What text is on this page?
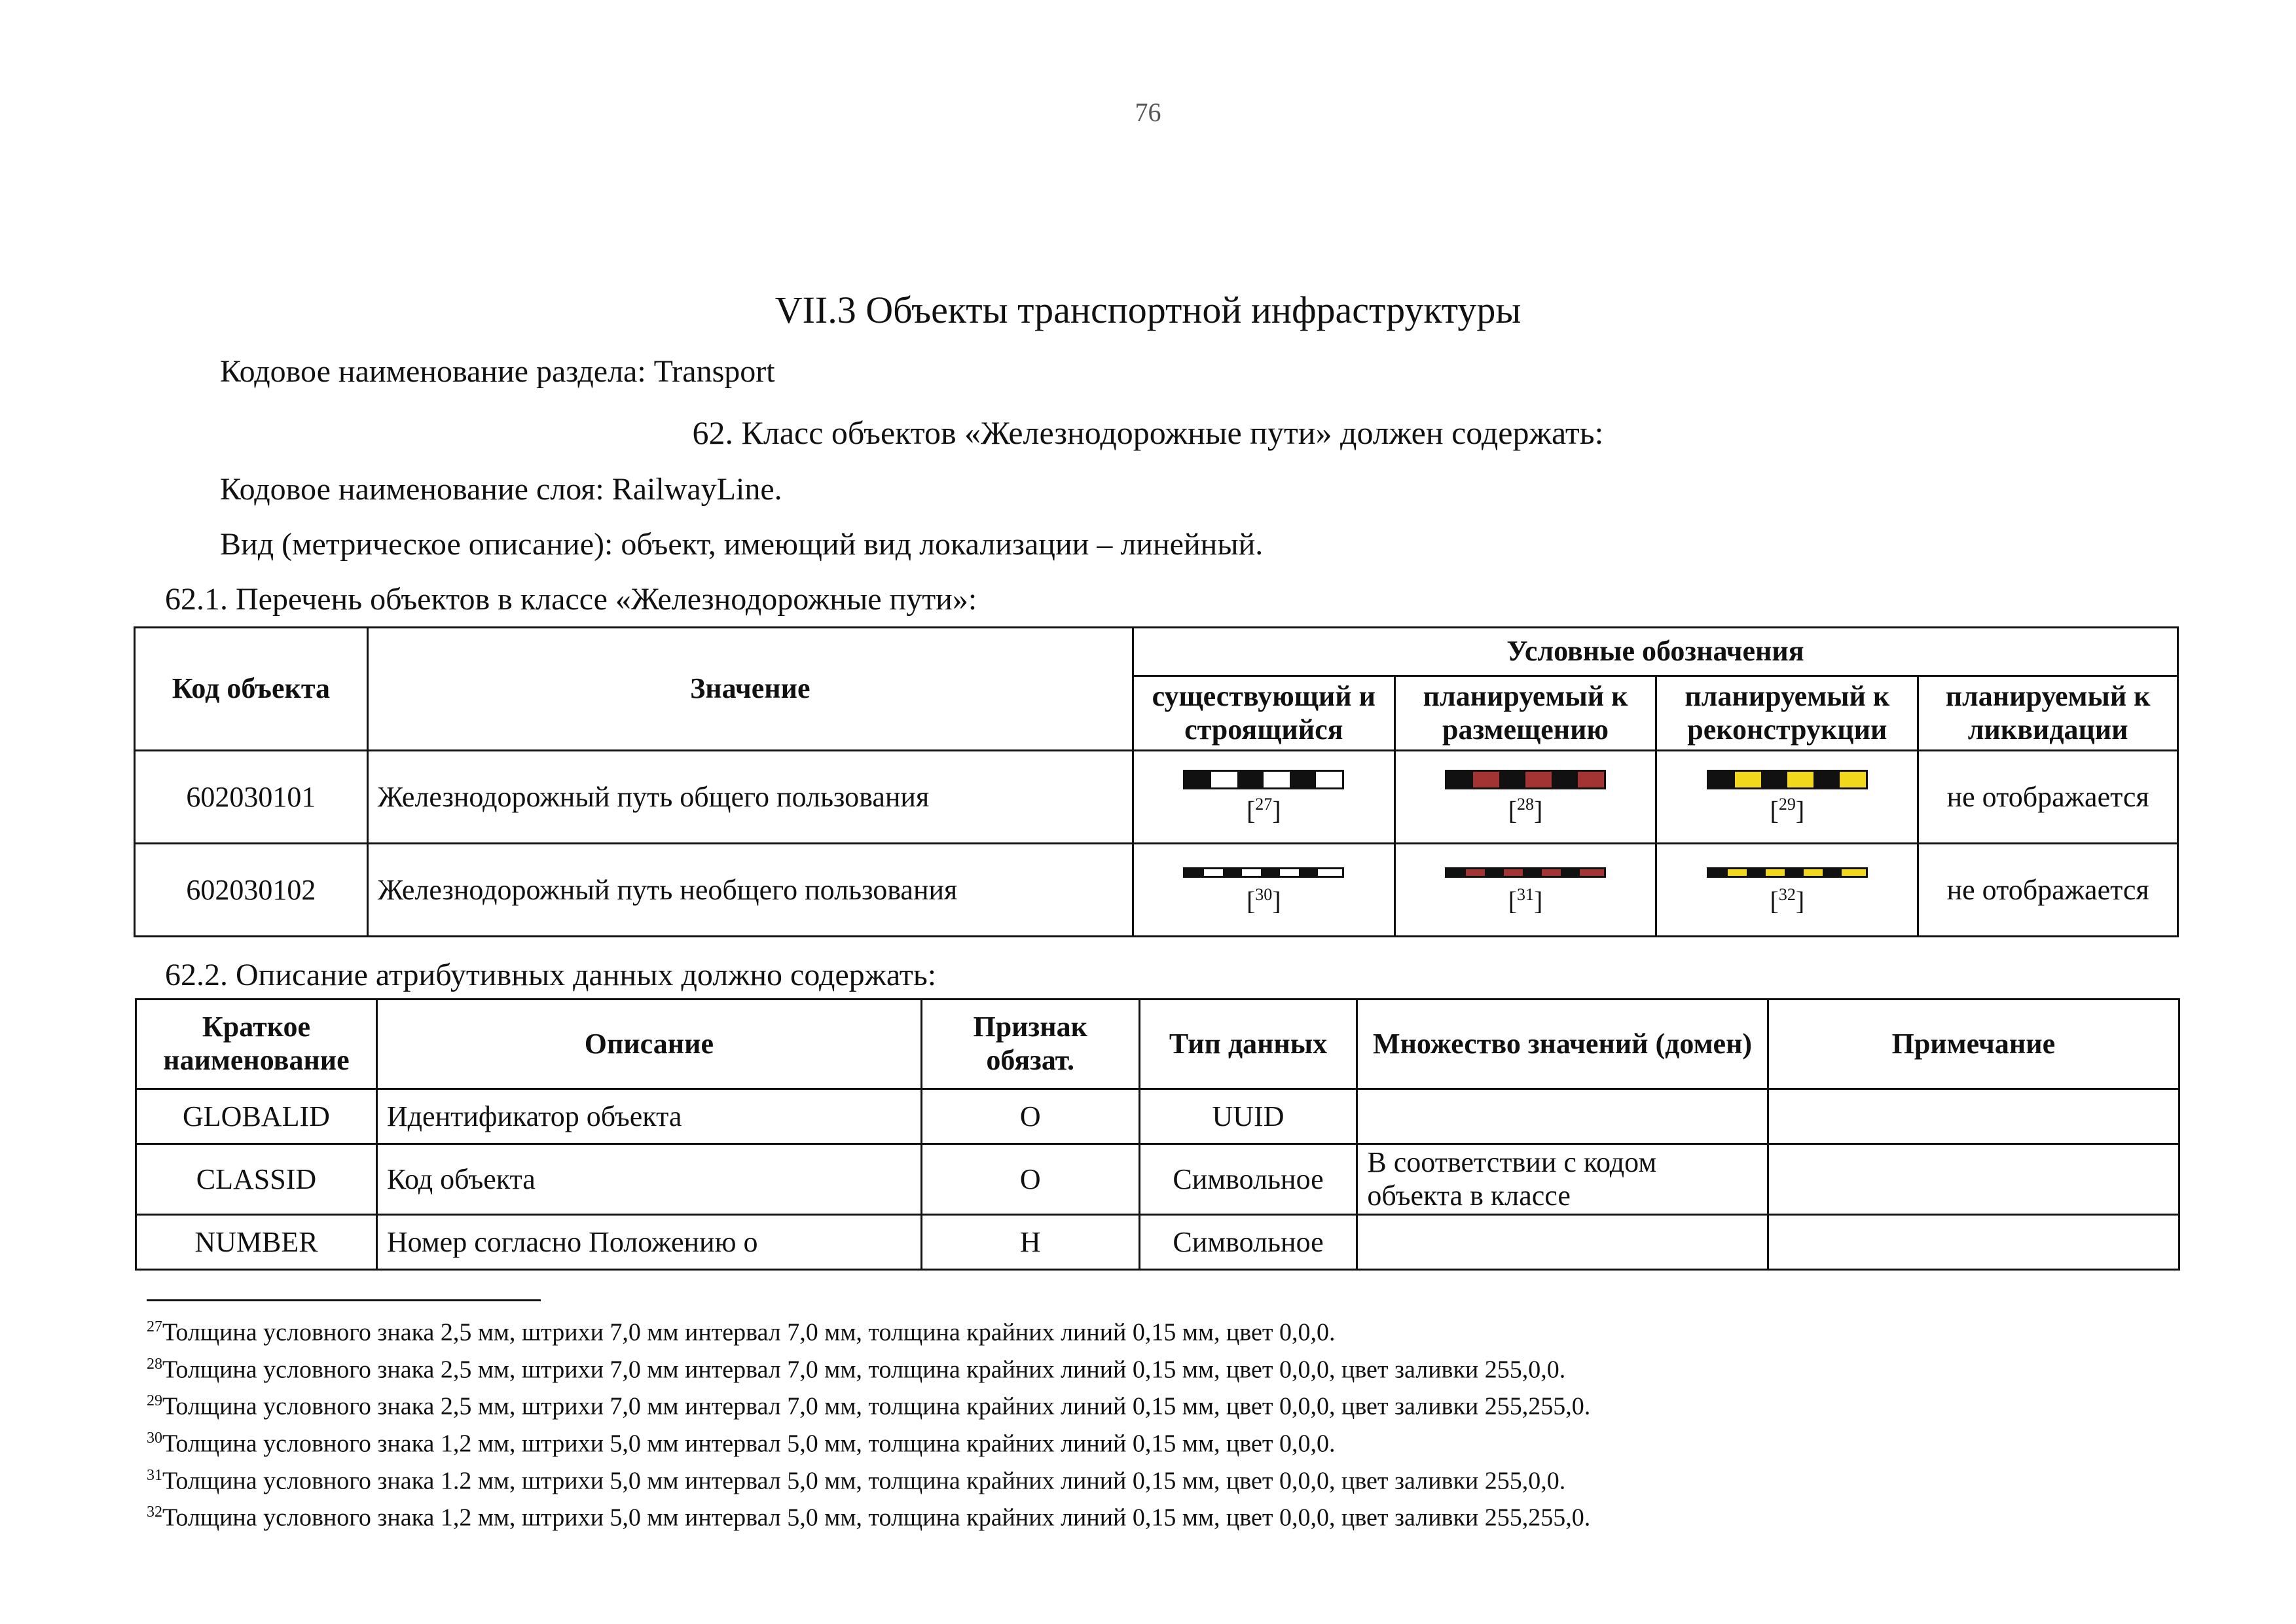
76
VII.3 Объекты транспортной инфраструктуры
Кодовое наименование раздела: Transport
62. Класс объектов «Железнодорожные пути» должен содержать:
Кодовое наименование слоя: RailwayLine.
Вид (метрическое описание): объект, имеющий вид локализации – линейный.
62.1. Перечень объектов в классе «Железнодорожные пути»:
Код объекта	Значение	Условные обозначения			
		существующий и строящийся	планируемый к размещению	планируемый к реконструкции	планируемый к ликвидации
602030101	Железнодорожный путь общего пользования	[$^{27}$]	[$^{28}$]	[$^{29}$]	не отображается
602030102	Железнодорожный путь необщего пользования	[$^{30}$]	[$^{31}$]	[$^{32}$]	не отображается
62.2. Описание атрибутивных данных должно содержать:
Краткое наименование	Описание	Признак обязат.	Тип данных	Множество значений (домен)	Примечание
GLOBALID	Идентификатор объекта	О	UUID		
CLASSID	Код объекта	О	Символьное	В соответствии с кодом объекта в классе	
NUMBER	Номер согласно Положению о	Н	Символьное		
$^{27}$Толщина условного знака 2,5 мм, штрихи 7,0 мм интервал 7,0 мм, толщина крайних линий 0,15 мм, цвет 0,0,0.
$^{28}$Толщина условного знака 2,5 мм, штрихи 7,0 мм интервал 7,0 мм, толщина крайних линий 0,15 мм, цвет 0,0,0, цвет заливки 255,0,0.
$^{29}$Толщина условного знака 2,5 мм, штрихи 7,0 мм интервал 7,0 мм, толщина крайних линий 0,15 мм, цвет 0,0,0, цвет заливки 255,255,0.
$^{30}$Толщина условного знака 1,2 мм, штрихи 5,0 мм интервал 5,0 мм, толщина крайних линий 0,15 мм, цвет 0,0,0.
$^{31}$Толщина условного знака 1.2 мм, штрихи 5,0 мм интервал 5,0 мм, толщина крайних линий 0,15 мм, цвет 0,0,0, цвет заливки 255,0,0.
$^{32}$Толщина условного знака 1,2 мм, штрихи 5,0 мм интервал 5,0 мм, толщина крайних линий 0,15 мм, цвет 0,0,0, цвет заливки 255,255,0.
